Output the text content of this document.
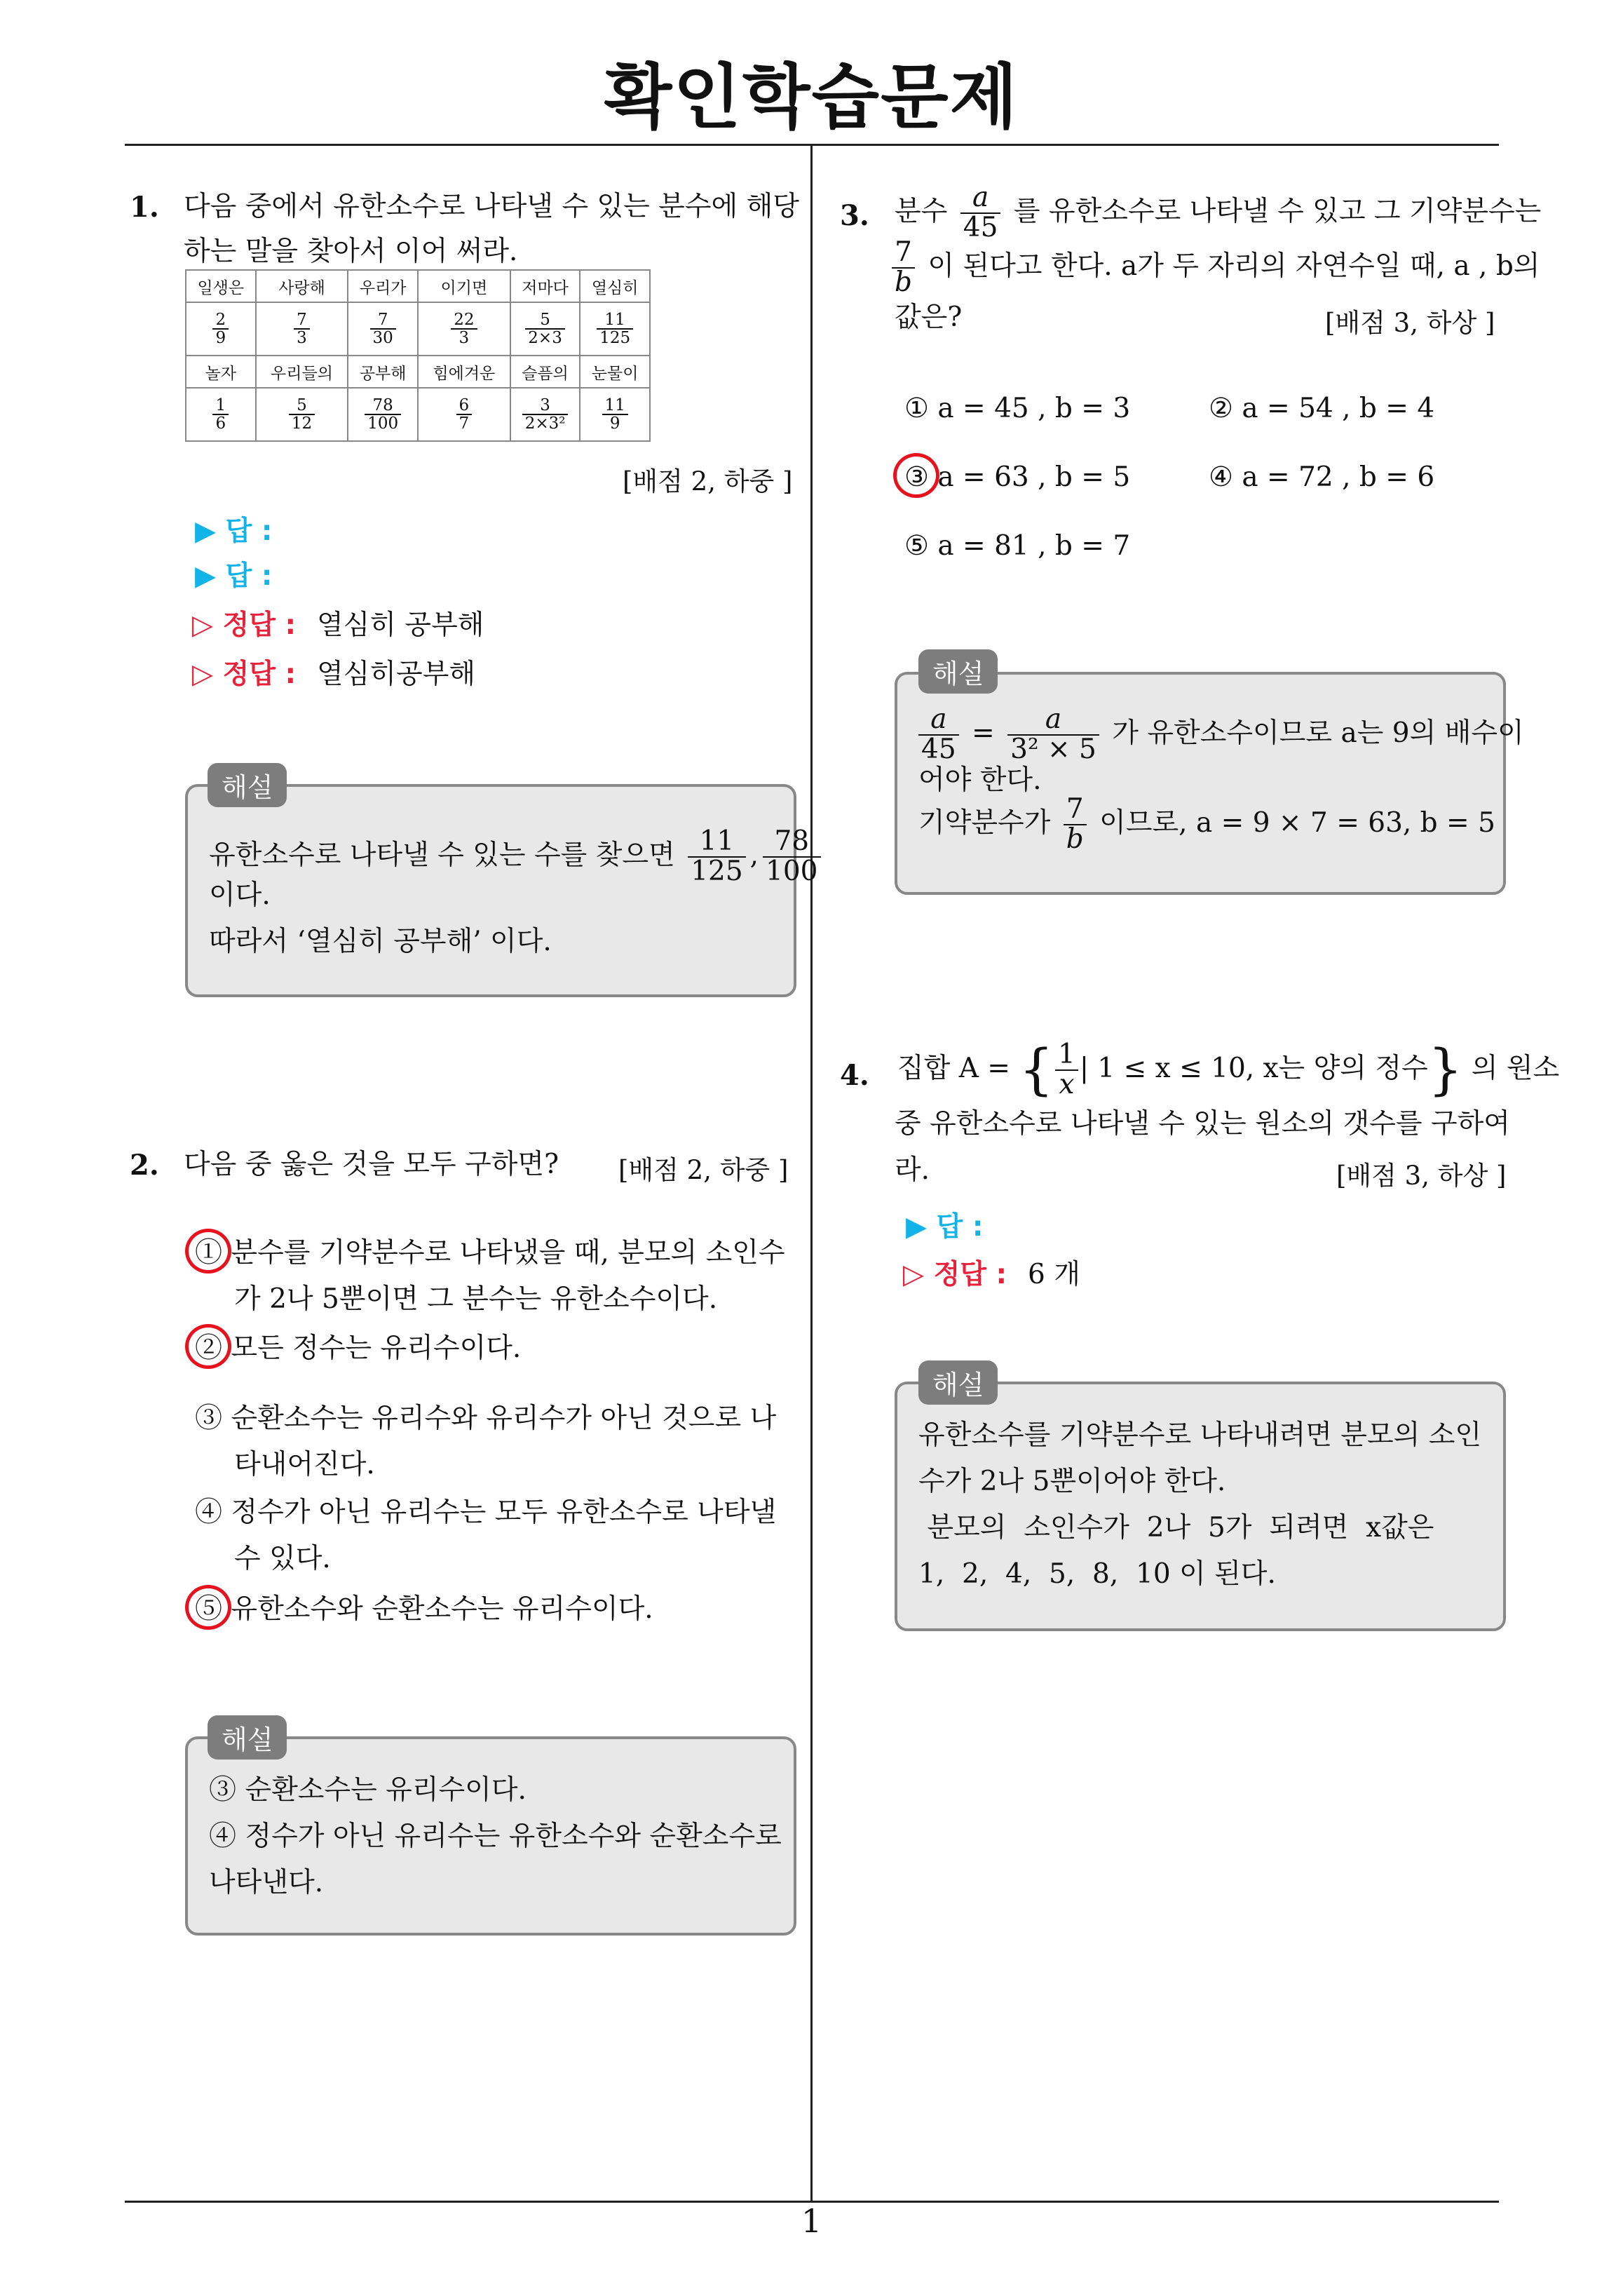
확인학습문제
1
1. 다음 중에서 유한소수로 나타낼 수 있는 분수에 해당
하는 말을 찾아서 이어 써라.
일생은	사랑해	우리가	이기면	저마다	열심히

$\frac{2}{9}$	$\frac{7}{3}$	$\frac{7}{30}$	$\frac{22}{3}$	$\frac{5}{2\times 3}$	$\frac{11}{125}$

놀자	우리들의	공부해	힘에겨운	슬픔의	눈물이

$\frac{1}{6}$	$\frac{5}{12}$	$\frac{78}{100}$	$\frac{6}{7}$	$\frac{3}{\text{2×3²}}$	$\frac{11}{9}$
[배점 2, 하중 ]
▶ 답 :
▶ 답 :
▷ 정답 : 열심히 공부해
▷ 정답 : 열심히공부해
해설
유한소수로 나타낼 수 있는 수를 찾으면 $\frac{11}{125}$ , $\frac{78}{100}$
이다.
따라서 ‘열심히 공부해’ 이다.
2. 다음 중 옳은 것을 모두 구하면? [배점 2, 하중 ]
① 분수를 기약분수로 나타냈을 때, 분모의 소인수
가 2나 5뿐이면 그 분수는 유한소수이다.
② 모든 정수는 유리수이다.
③ 순환소수는 유리수와 유리수가 아닌 것으로 나
타내어진다.
④ 정수가 아닌 유리수는 모두 유한소수로 나타낼
수 있다.
⑤ 유한소수와 순환소수는 유리수이다.
해설
③ 순환소수는 유리수이다.
④ 정수가 아닌 유리수는 유한소수와 순환소수로
나타낸다.
3. 분수 $\frac{a}{45}$ 를 유한소수로 나타낼 수 있고 그 기약분수는
$\frac{7}{b}$ 이 된다고 한다. a가 두 자리의 자연수일 때, a , b의
값은?	[배점 3, 하상 ]
① a = 45 , b = 3	② a = 54 , b = 4
③ a = 63 , b = 5	④ a = 72 , b = 6
⑤ a = 81 , b = 7
해설
$\frac{a}{45} = \frac{a}{\text{3² × 5}}$ 가 유한소수이므로 a는 9의 배수이
어야 한다.
기약분수가 $\frac{7}{b}$ 이므로, a = 9 × 7 = 63, b = 5
4. 집합 A = { $\frac{1}{x}$ | 1 ≤ x ≤ 10, x는 양의 정수} 의 원소
중 유한소수로 나타낼 수 있는 원소의 갯수를 구하여
라.	[배점 3, 하상 ]
▶ 답 :
▷ 정답 : 6 개
해설
유한소수를 기약분수로 나타내려면 분모의 소인
수가 2나 5뿐이어야 한다.
분모의  소인수가  2나  5가  되려면  x값은
1,  2,  4,  5,  8,  10 이 된다.
